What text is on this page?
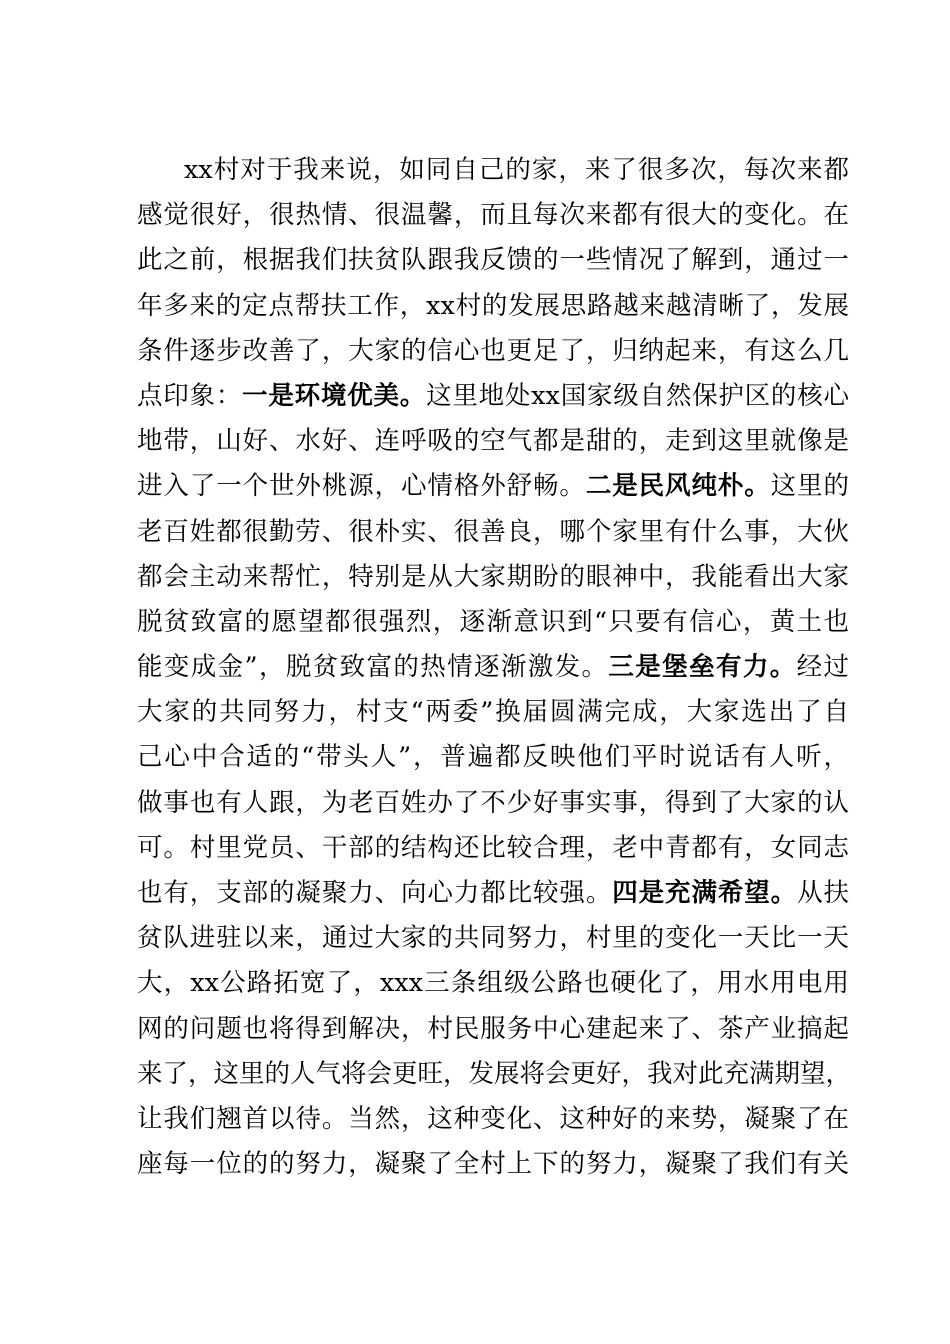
xx村对于我来说，如同自己的家，来了很多次，每次来都
感觉很好，很热情、很温馨，而且每次来都有很大的变化。在
此之前，根据我们扶贫队跟我反馈的一些情况了解到，通过一
年多来的定点帮扶工作，xx村的发展思路越来越清晰了，发展
条件逐步改善了，大家的信心也更足了，归纳起来，有这么几
点印象：一是环境优美。这里地处xx国家级自然保护区的核心
地带，山好、水好、连呼吸的空气都是甜的，走到这里就像是
进入了一个世外桃源，心情格外舒畅。二是民风纯朴。这里的
老百姓都很勤劳、很朴实、很善良，哪个家里有什么事，大伙
都会主动来帮忙，特别是从大家期盼的眼神中，我能看出大家
脱贫致富的愿望都很强烈，逐渐意识到“只要有信心，黄土也
能变成金”，脱贫致富的热情逐渐激发。三是堡垒有力。经过
大家的共同努力，村支“两委”换届圆满完成，大家选出了自
己心中合适的“带头人”，普遍都反映他们平时说话有人听，
做事也有人跟，为老百姓办了不少好事实事，得到了大家的认
可。村里党员、干部的结构还比较合理，老中青都有，女同志
也有，支部的凝聚力、向心力都比较强。四是充满希望。从扶
贫队进驻以来，通过大家的共同努力，村里的变化一天比一天
大，xx公路拓宽了，xxx三条组级公路也硬化了，用水用电用
网的问题也将得到解决，村民服务中心建起来了、茶产业搞起
来了，这里的人气将会更旺，发展将会更好，我对此充满期望，
让我们翘首以待。当然，这种变化、这种好的来势，凝聚了在
座每一位的的努力，凝聚了全村上下的努力，凝聚了我们有关
